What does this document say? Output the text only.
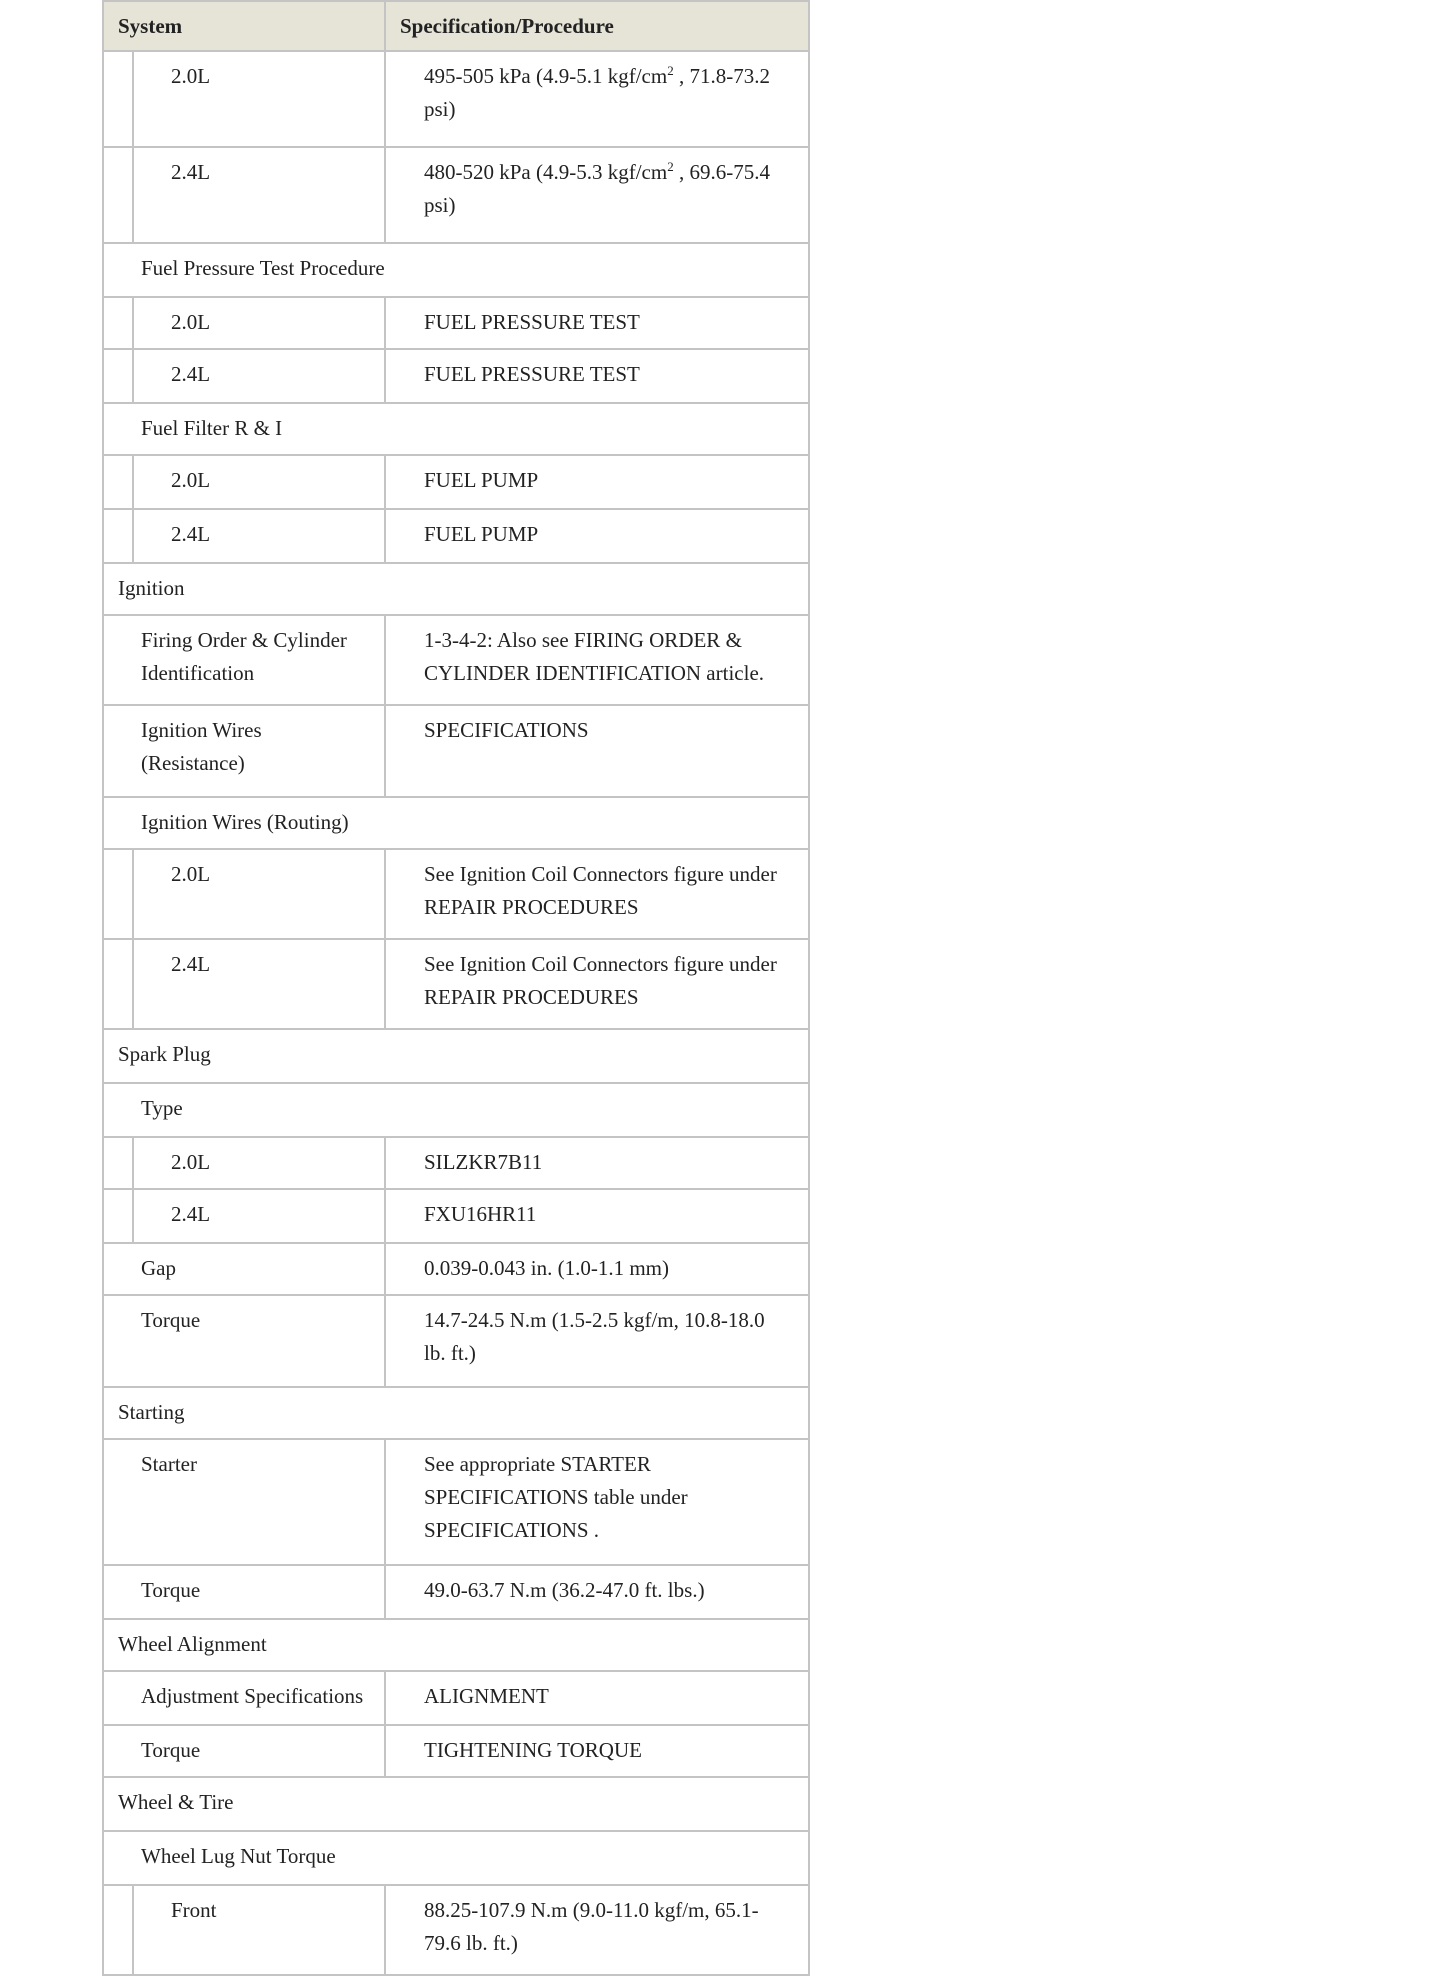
System	Specification/Procedure

2.0L	495-505 kPa (4.9-5.1 kgf/$cm^2$ , 71.8-73.2 psi)

2.4L	480-520 kPa (4.9-5.3 kgf/$cm^2$ , 69.6-75.4 psi)

Fuel Pressure Test Procedure	

2.0L	FUEL PRESSURE TEST

2.4L	FUEL PRESSURE TEST

Fuel Filter R & I	

2.0L	FUEL PUMP

2.4L	FUEL PUMP

Ignition	

Firing Order & Cylinder Identification	1-3-4-2: Also see FIRING ORDER & CYLINDER IDENTIFICATION article.

Ignition Wires (Resistance)	SPECIFICATIONS

Ignition Wires (Routing)	

2.0L	See Ignition Coil Connectors figure under REPAIR PROCEDURES

2.4L	See Ignition Coil Connectors figure under REPAIR PROCEDURES

Spark Plug	

Type	

2.0L	SILZKR7B11

2.4L	FXU16HR11

Gap	0.039-0.043 in. (1.0-1.1 mm)

Torque	14.7-24.5 N.m (1.5-2.5 kgf/m, 10.8-18.0 lb. ft.)

Starting	

Starter	See appropriate STARTER SPECIFICATIONS table under SPECIFICATIONS .

Torque	49.0-63.7 N.m (36.2-47.0 ft. lbs.)

Wheel Alignment	

Adjustment Specifications	ALIGNMENT

Torque	TIGHTENING TORQUE

Wheel & Tire	

Wheel Lug Nut Torque	

Front	88.25-107.9 N.m (9.0-11.0 kgf/m, 65.1-79.6 lb. ft.)
